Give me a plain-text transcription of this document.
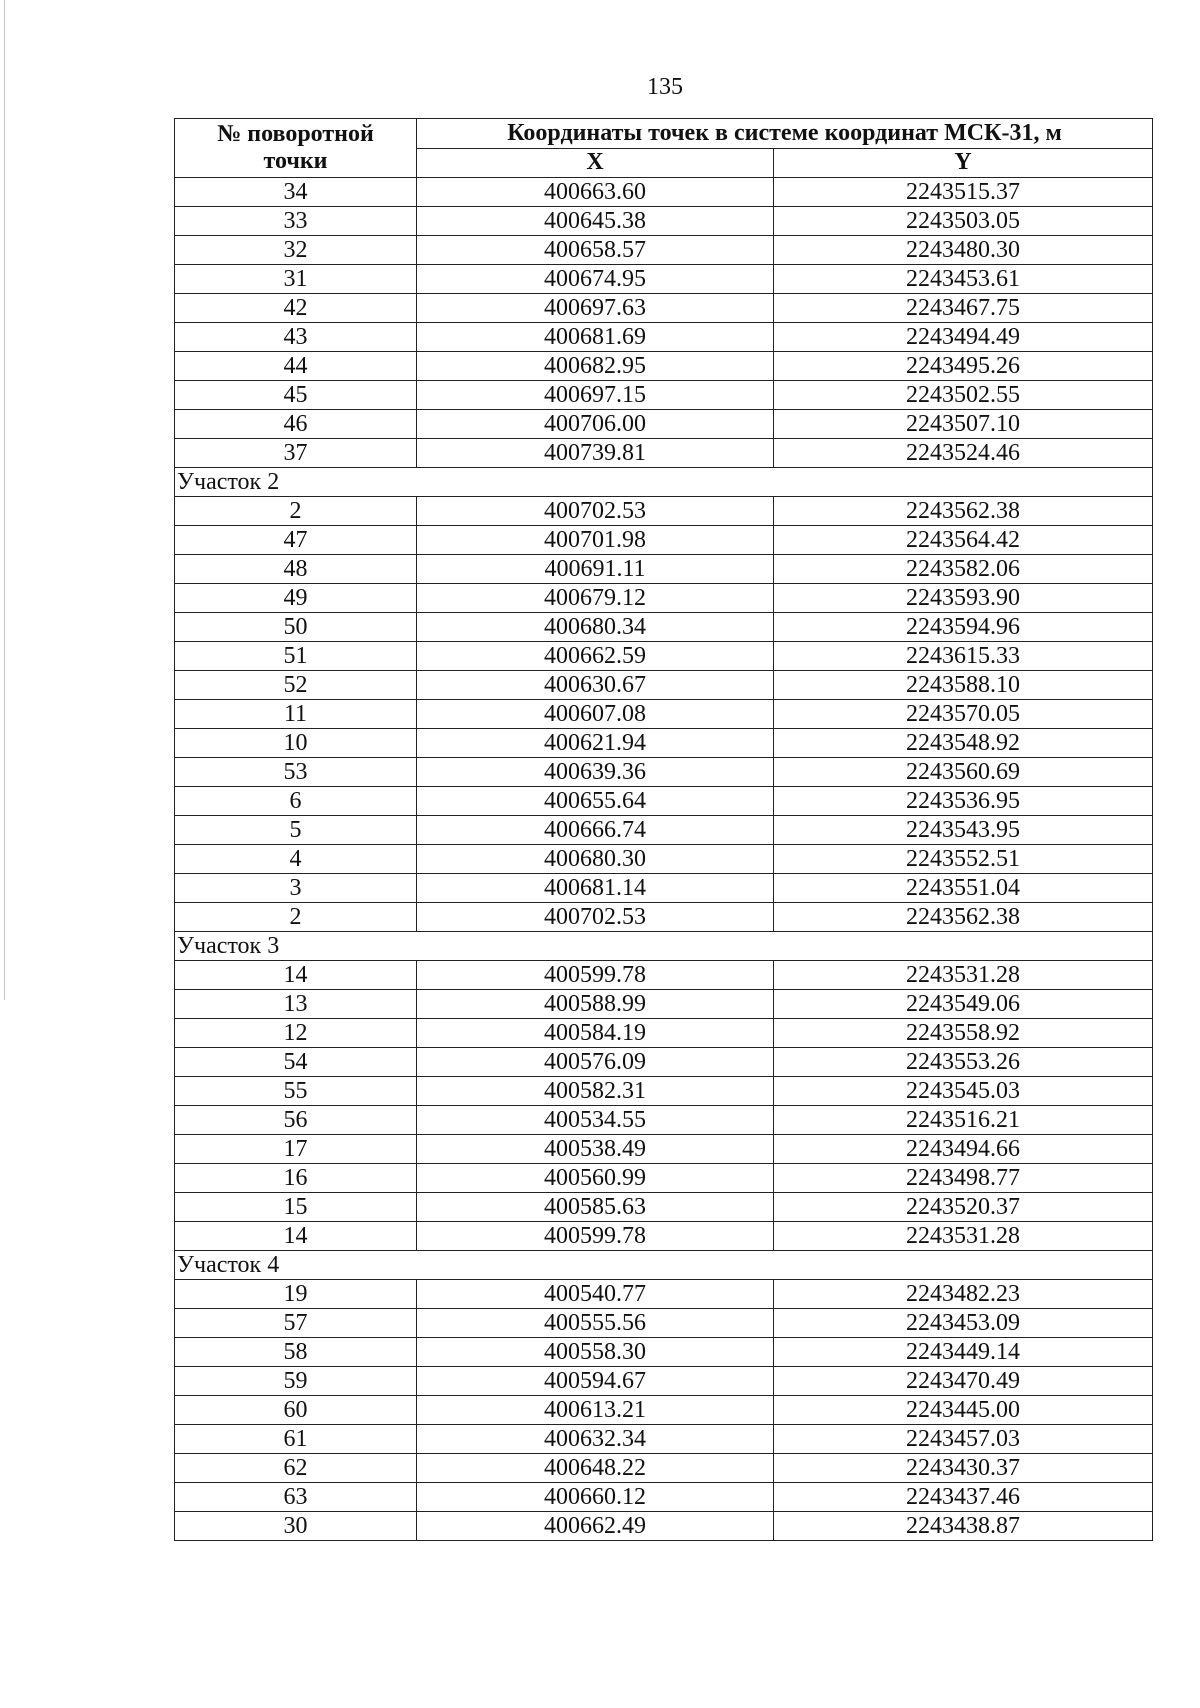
135
№ поворотной
точки	Координаты точек в системе координат МСК-31, м	
	X	Y
34	400663.60	2243515.37
33	400645.38	2243503.05
32	400658.57	2243480.30
31	400674.95	2243453.61
42	400697.63	2243467.75
43	400681.69	2243494.49
44	400682.95	2243495.26
45	400697.15	2243502.55
46	400706.00	2243507.10
37	400739.81	2243524.46
Участок 2		
2	400702.53	2243562.38
47	400701.98	2243564.42
48	400691.11	2243582.06
49	400679.12	2243593.90
50	400680.34	2243594.96
51	400662.59	2243615.33
52	400630.67	2243588.10
11	400607.08	2243570.05
10	400621.94	2243548.92
53	400639.36	2243560.69
6	400655.64	2243536.95
5	400666.74	2243543.95
4	400680.30	2243552.51
3	400681.14	2243551.04
2	400702.53	2243562.38
Участок 3		
14	400599.78	2243531.28
13	400588.99	2243549.06
12	400584.19	2243558.92
54	400576.09	2243553.26
55	400582.31	2243545.03
56	400534.55	2243516.21
17	400538.49	2243494.66
16	400560.99	2243498.77
15	400585.63	2243520.37
14	400599.78	2243531.28
Участок 4		
19	400540.77	2243482.23
57	400555.56	2243453.09
58	400558.30	2243449.14
59	400594.67	2243470.49
60	400613.21	2243445.00
61	400632.34	2243457.03
62	400648.22	2243430.37
63	400660.12	2243437.46
30	400662.49	2243438.87
